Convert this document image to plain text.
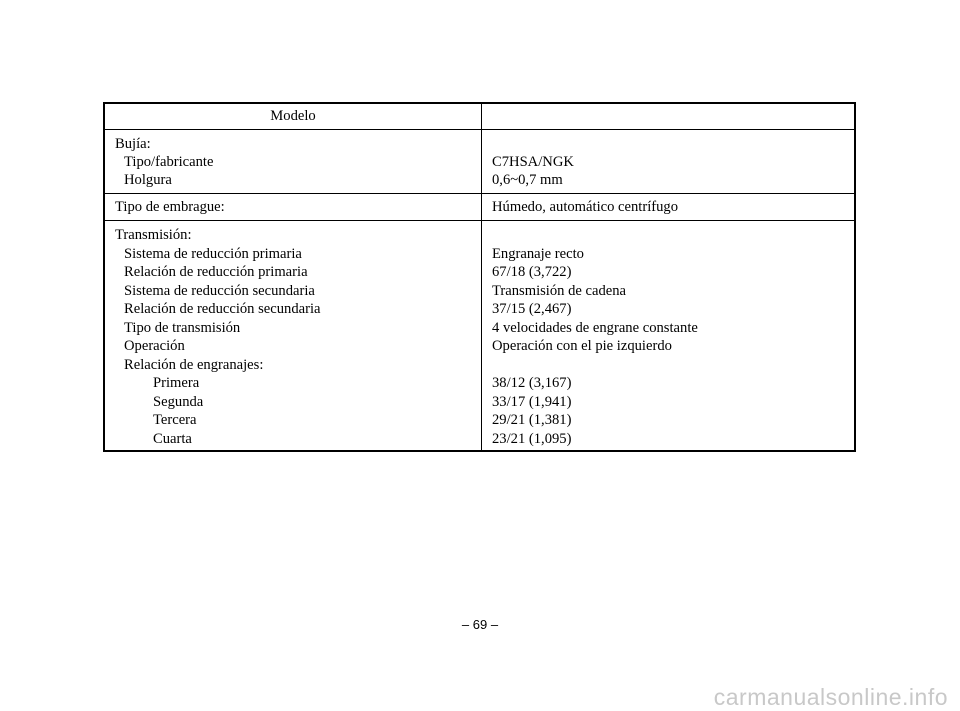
Modelo
Bujía:
Tipo/fabricante
Holgura
C7HSA/NGK
0,6~0,7 mm
Tipo de embrague:	Húmedo, automático centrífugo
Transmisión:
Sistema de reducción primaria
Relación de reducción primaria
Sistema de reducción secundaria
Relación de reducción secundaria
Tipo de transmisión
Operación
Relación de engranajes:
Primera
Segunda
Tercera
Cuarta
Engranaje recto
67/18 (3,722)
Transmisión de cadena
37/15 (2,467)
4 velocidades de engrane constante
Operación con el pie izquierdo
38/12 (3,167)
33/17 (1,941)
29/21 (1,381)
23/21 (1,095)
– 69 –
carmanualsonline.info
